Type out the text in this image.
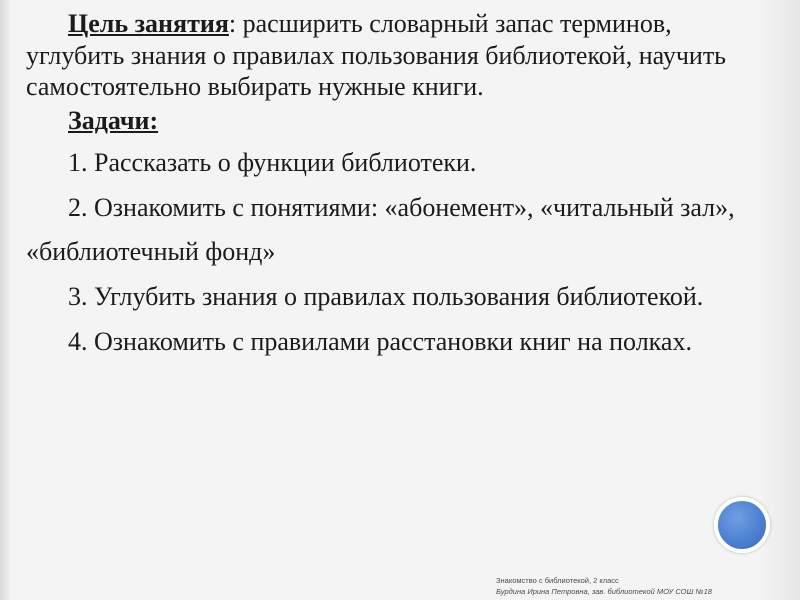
Цель занятия: расширить словарный запас терминов, углубить знания о правилах пользования библиотекой, научить самостоятельно выбирать нужные книги.

Задачи:

1. Рассказать о функции библиотеки.

2. Ознакомить с понятиями: «абонемент», «читальный зал», «библиотечный фонд»

3. Углубить знания о правилах пользования библиотекой.

4. Ознакомить с правилами расстановки книг на полках.

Знакомство с библиотекой, 2 класс
Бурдина Ирина Петровна, зав. библиотекой МОУ СОШ №18
